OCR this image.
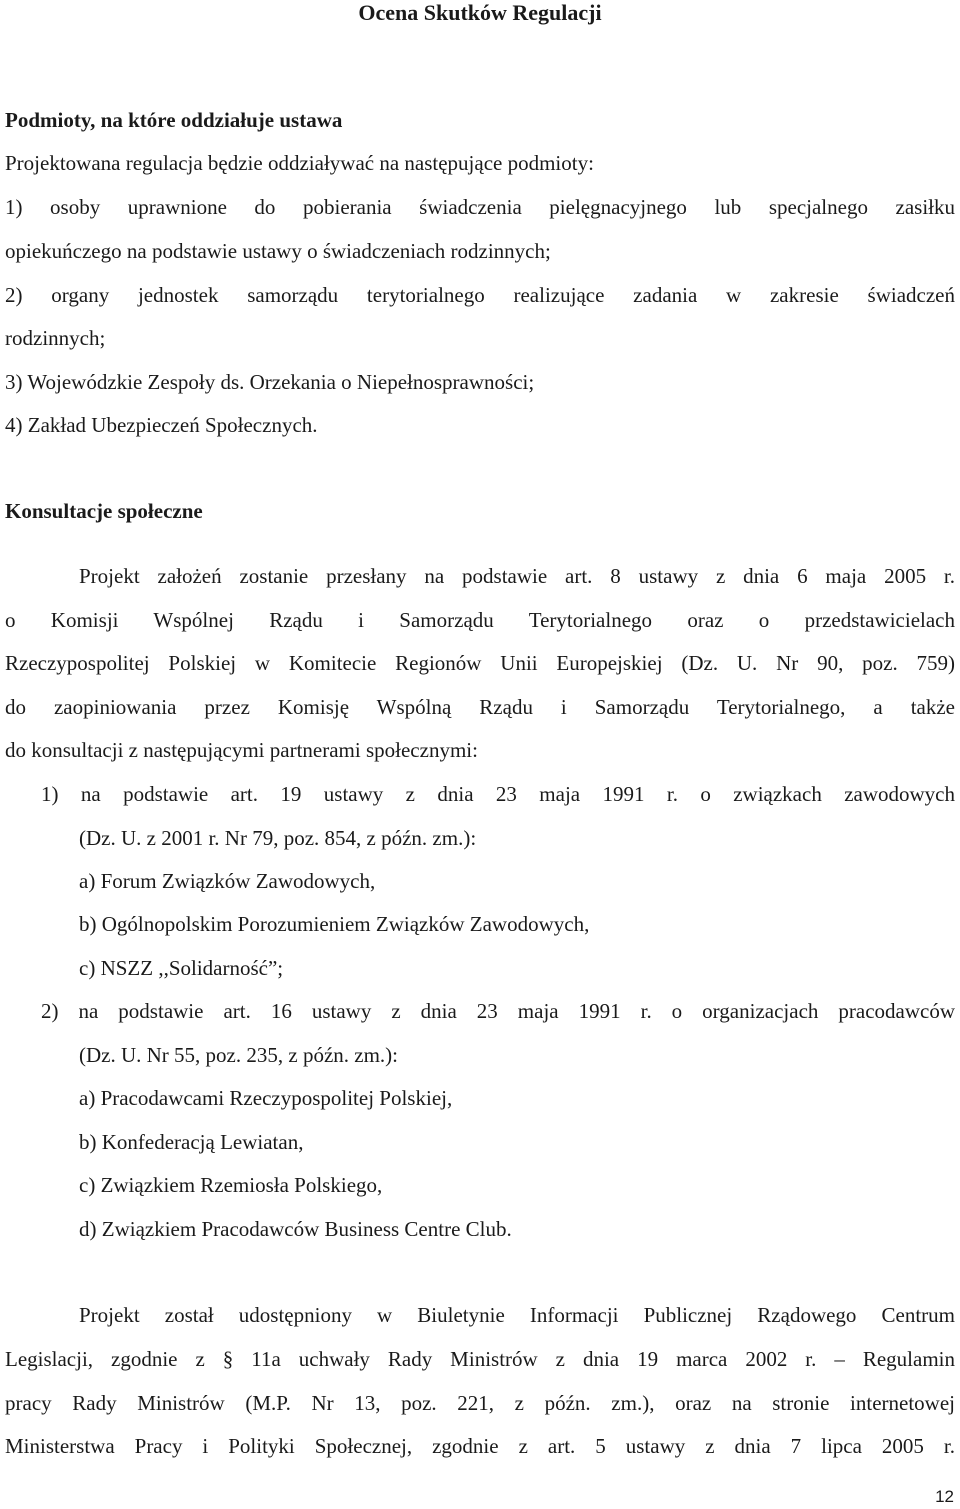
Ocena Skutków Regulacji
Podmioty, na które oddziałuje ustawa
Projektowana regulacja będzie oddziaływać na następujące podmioty:
1) osoby uprawnione do pobierania świadczenia pielęgnacyjnego lub specjalnego zasiłku
opiekuńczego na podstawie ustawy o świadczeniach rodzinnych;
2) organy jednostek samorządu terytorialnego realizujące zadania w zakresie świadczeń
rodzinnych;
3) Wojewódzkie Zespoły ds. Orzekania o Niepełnosprawności;
4) Zakład Ubezpieczeń Społecznych.
Konsultacje społeczne
Projekt założeń zostanie przesłany na podstawie art. 8 ustawy z dnia 6 maja 2005 r.
o Komisji Wspólnej Rządu i Samorządu Terytorialnego oraz o przedstawicielach
Rzeczypospolitej Polskiej w Komitecie Regionów Unii Europejskiej (Dz. U. Nr 90, poz. 759)
do zaopiniowania przez Komisję Wspólną Rządu i Samorządu Terytorialnego, a także
do konsultacji z następującymi partnerami społecznymi:
1) na podstawie art. 19 ustawy z dnia 23 maja 1991 r. o związkach zawodowych
(Dz. U. z 2001 r. Nr 79, poz. 854, z późn. zm.):
a) Forum Związków Zawodowych,
b) Ogólnopolskim Porozumieniem Związków Zawodowych,
c) NSZZ ,,Solidarność”;
2) na podstawie art. 16 ustawy z dnia 23 maja 1991 r. o organizacjach pracodawców
(Dz. U. Nr 55, poz. 235, z późn. zm.):
a) Pracodawcami Rzeczypospolitej Polskiej,
b) Konfederacją Lewiatan,
c) Związkiem Rzemiosła Polskiego,
d) Związkiem Pracodawców Business Centre Club.
Projekt został udostępniony w Biuletynie Informacji Publicznej Rządowego Centrum
Legislacji, zgodnie z § 11a uchwały Rady Ministrów z dnia 19 marca 2002 r. – Regulamin
pracy Rady Ministrów (M.P. Nr 13, poz. 221, z późn. zm.), oraz na stronie internetowej
Ministerstwa Pracy i Polityki Społecznej, zgodnie z art. 5 ustawy z dnia 7 lipca 2005 r.
12
